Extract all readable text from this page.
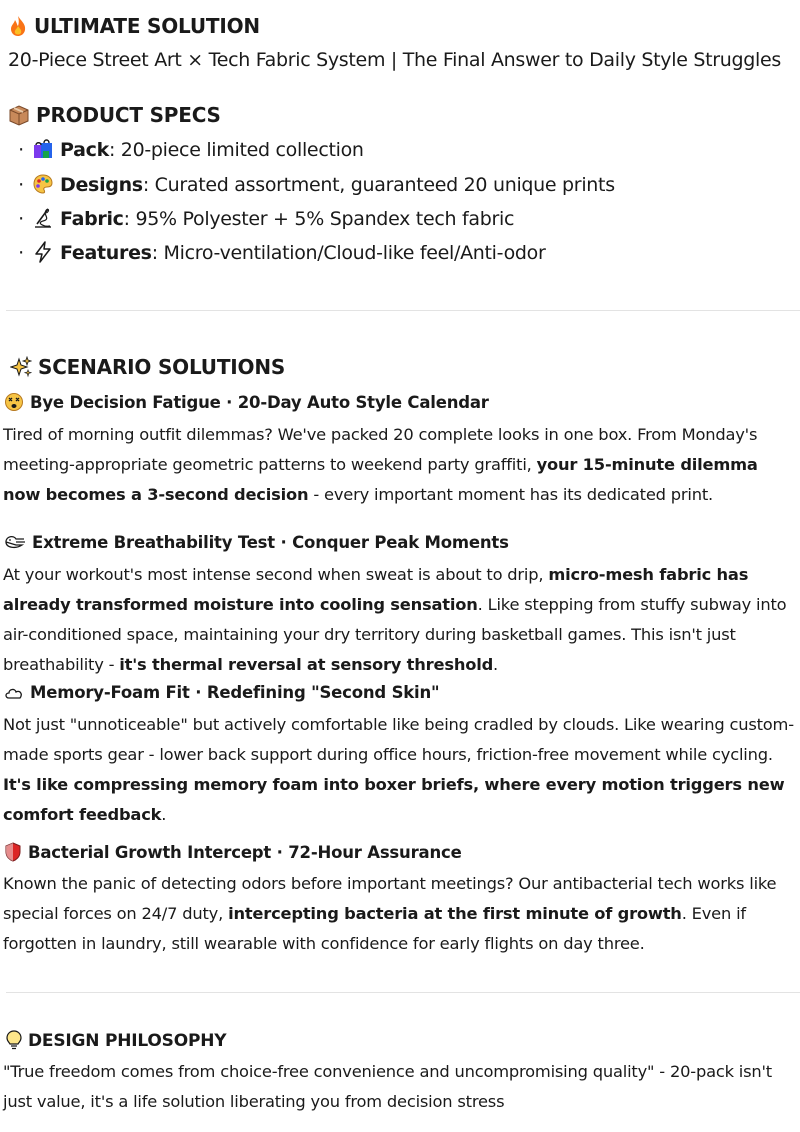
ULTIMATE SOLUTION
20-Piece Street Art × Tech Fabric System | The Final Answer to Daily Style Struggles
PRODUCT SPECS
· Pack: 20-piece limited collection
· Designs: Curated assortment, guaranteed 20 unique prints
· Fabric: 95% Polyester + 5% Spandex tech fabric
· Features: Micro-ventilation/Cloud-like feel/Anti-odor
SCENARIO SOLUTIONS
Bye Decision Fatigue · 20-Day Auto Style Calendar
Tired of morning outfit dilemmas? We've packed 20 complete looks in one box. From Monday's meeting-appropriate geometric patterns to weekend party graffiti, your 15-minute dilemma now becomes a 3-second decision - every important moment has its dedicated print.
Extreme Breathability Test · Conquer Peak Moments
At your workout's most intense second when sweat is about to drip, micro-mesh fabric has already transformed moisture into cooling sensation. Like stepping from stuffy subway into air-conditioned space, maintaining your dry territory during basketball games. This isn't just breathability - it's thermal reversal at sensory threshold.
Memory-Foam Fit · Redefining "Second Skin"
Not just "unnoticeable" but actively comfortable like being cradled by clouds. Like wearing custom-made sports gear - lower back support during office hours, friction-free movement while cycling. It's like compressing memory foam into boxer briefs, where every motion triggers new comfort feedback.
Bacterial Growth Intercept · 72-Hour Assurance
Known the panic of detecting odors before important meetings? Our antibacterial tech works like special forces on 24/7 duty, intercepting bacteria at the first minute of growth. Even if forgotten in laundry, still wearable with confidence for early flights on day three.
DESIGN PHILOSOPHY
"True freedom comes from choice-free convenience and uncompromising quality" - 20-pack isn't just value, it's a life solution liberating you from decision stress
